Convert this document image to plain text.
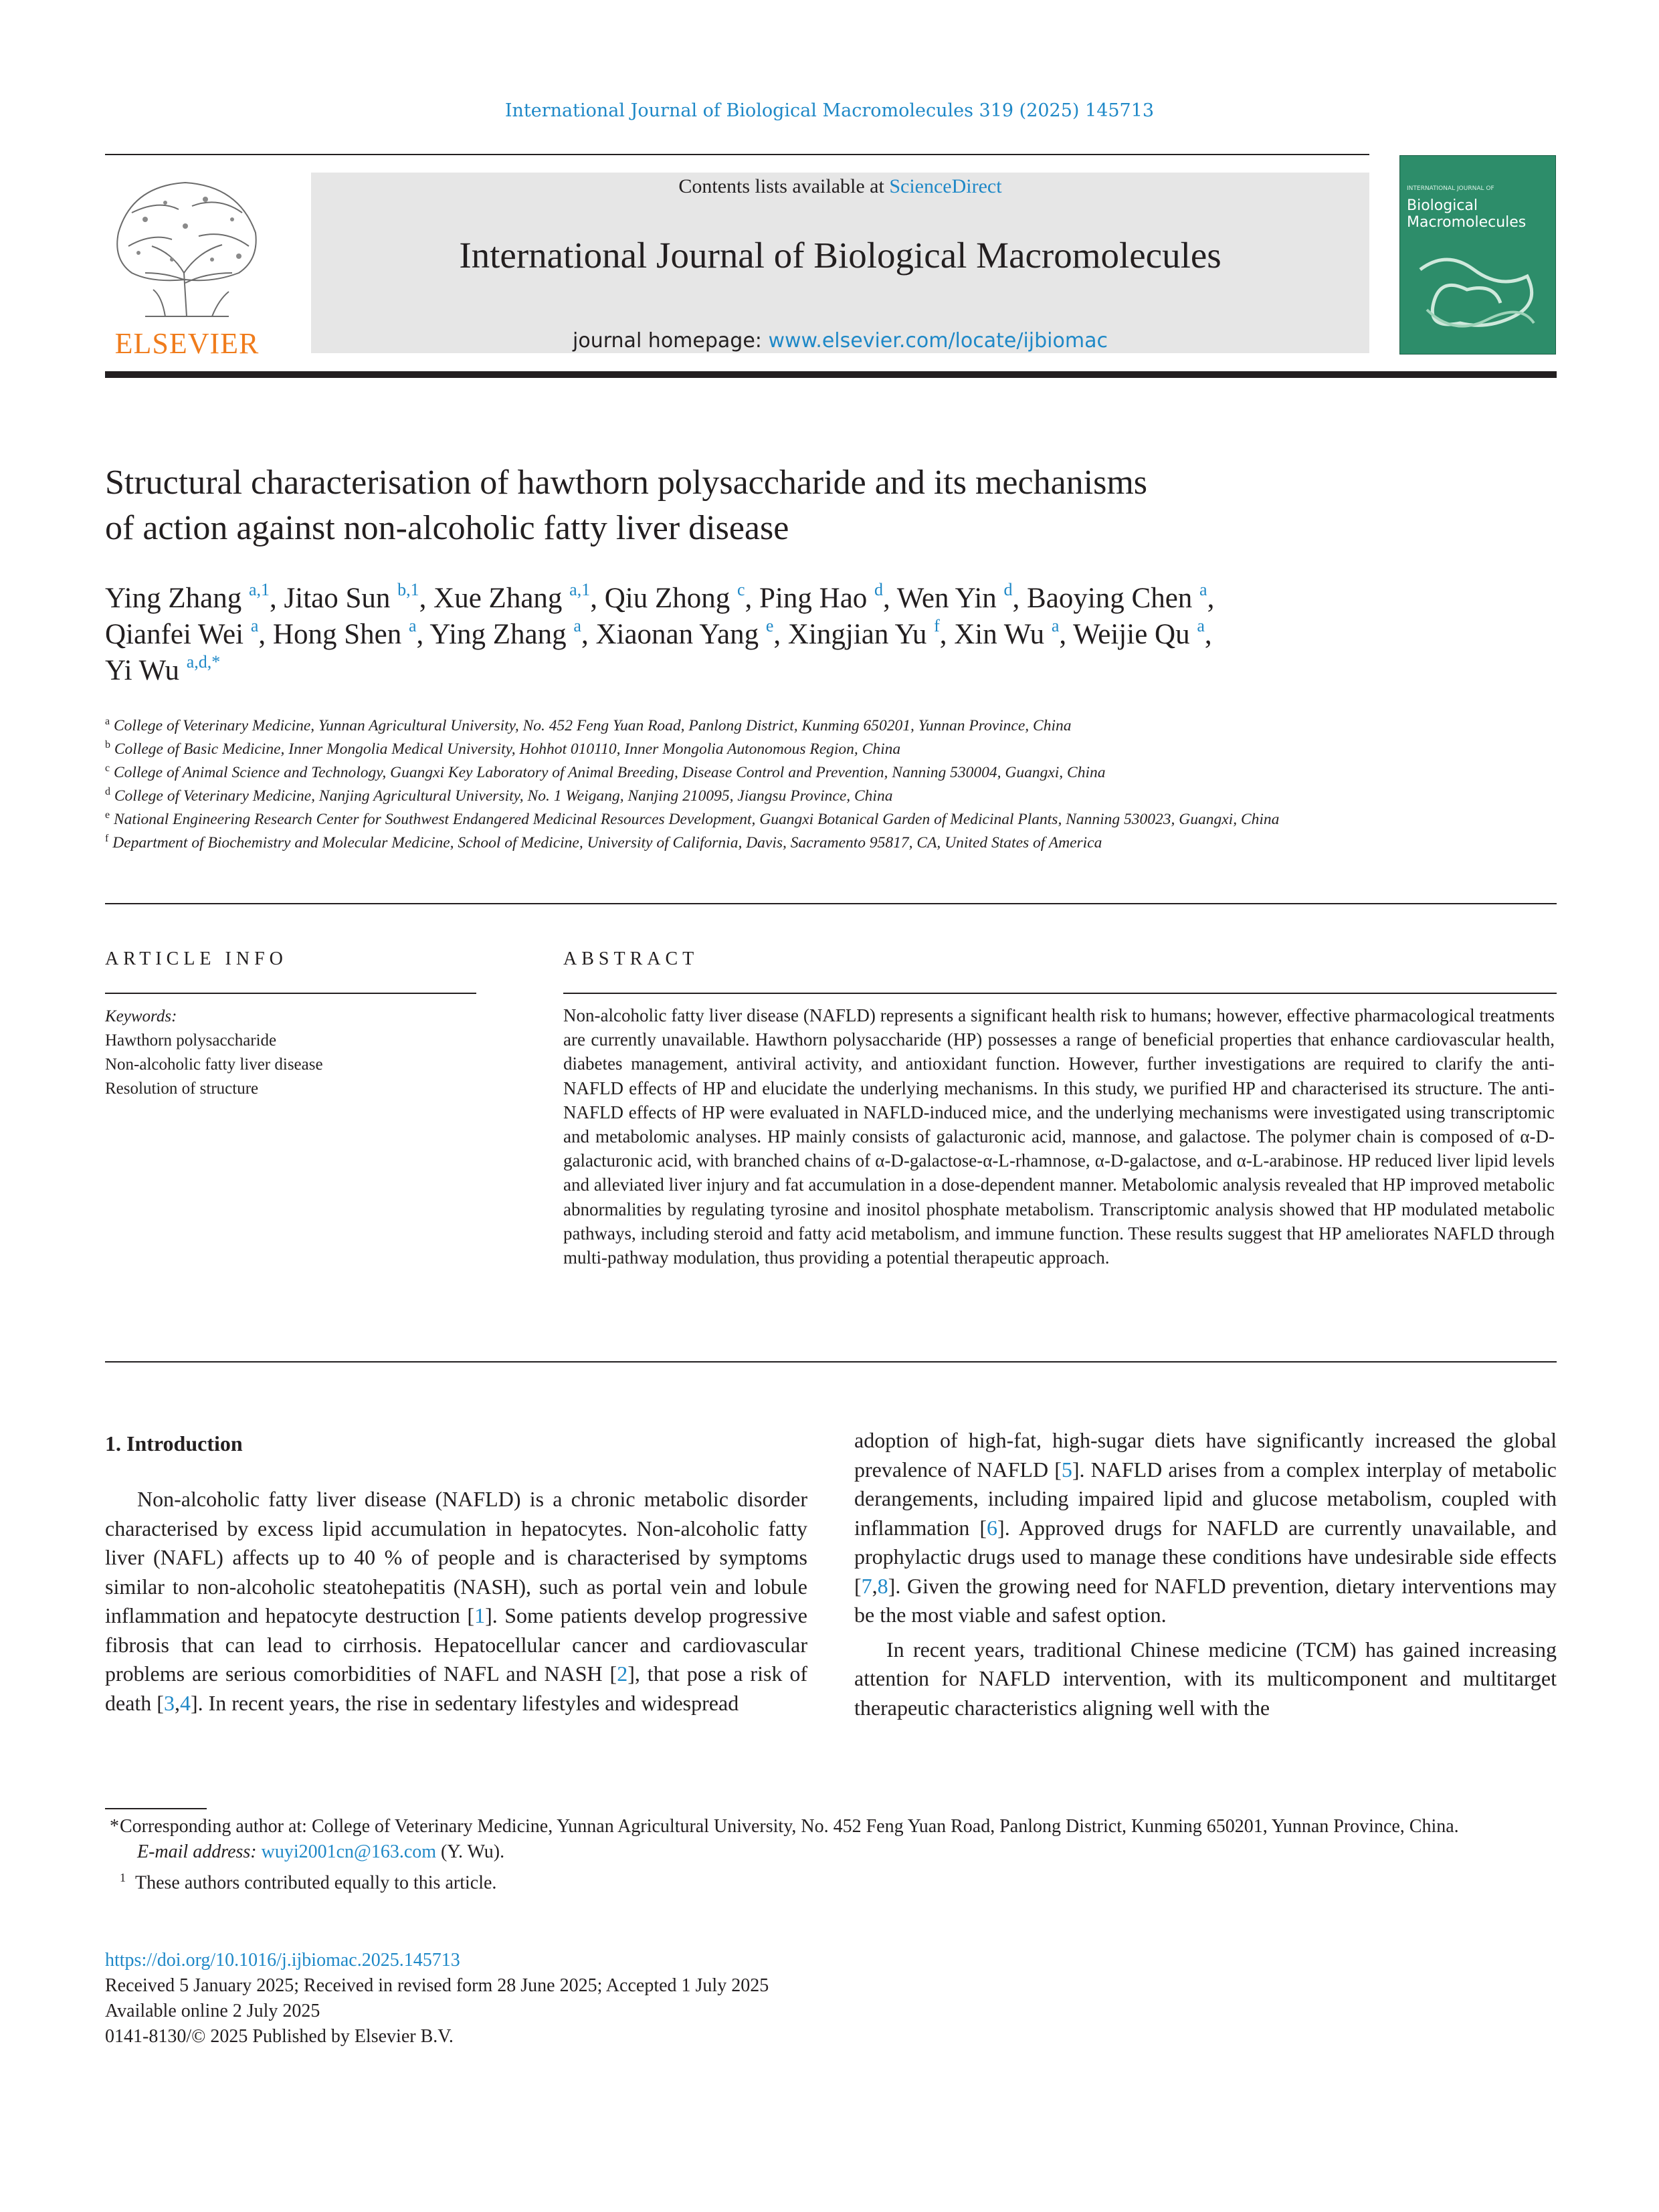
International Journal of Biological Macromolecules 319 (2025) 145713
ELSEVIER
Contents lists available at ScienceDirect
International Journal of Biological Macromolecules
journal homepage: www.elsevier.com/locate/ijbiomac
INTERNATIONAL JOURNAL OF
Biological Macromolecules
Structural characterisation of hawthorn polysaccharide and its mechanisms
of action against non-alcoholic fatty liver disease
Ying Zhang $^{a,1}$, Jitao Sun $^{b,1}$, Xue Zhang $^{a,1}$, Qiu Zhong $^c$, Ping Hao $^d$, Wen Yin $^d$, Baoying Chen $^a$,
Qianfei Wei $^a$, Hong Shen $^a$, Ying Zhang $^a$, Xiaonan Yang $^e$, Xingjian Yu $^f$, Xin Wu $^a$, Weijie Qu $^a$,
Yi Wu $^{a,d,*}$
$^a$ College of Veterinary Medicine, Yunnan Agricultural University, No. 452 Feng Yuan Road, Panlong District, Kunming 650201, Yunnan Province, China
$^b$ College of Basic Medicine, Inner Mongolia Medical University, Hohhot 010110, Inner Mongolia Autonomous Region, China
$^c$ College of Animal Science and Technology, Guangxi Key Laboratory of Animal Breeding, Disease Control and Prevention, Nanning 530004, Guangxi, China
$^d$ College of Veterinary Medicine, Nanjing Agricultural University, No. 1 Weigang, Nanjing 210095, Jiangsu Province, China
$^e$ National Engineering Research Center for Southwest Endangered Medicinal Resources Development, Guangxi Botanical Garden of Medicinal Plants, Nanning 530023, Guangxi, China
$^f$ Department of Biochemistry and Molecular Medicine, School of Medicine, University of California, Davis, Sacramento 95817, CA, United States of America
ARTICLE INFO
Keywords:
Hawthorn polysaccharide
Non-alcoholic fatty liver disease
Resolution of structure
ABSTRACT
Non-alcoholic fatty liver disease (NAFLD) represents a significant health risk to humans; however, effective pharmacological treatments are currently unavailable. Hawthorn polysaccharide (HP) possesses a range of beneficial properties that enhance cardiovascular health, diabetes management, antiviral activity, and antioxidant function. However, further investigations are required to clarify the anti-NAFLD effects of HP and elucidate the underlying mechanisms. In this study, we purified HP and characterised its structure. The anti-NAFLD effects of HP were evaluated in NAFLD-induced mice, and the underlying mechanisms were investigated using transcriptomic and metabolomic analyses. HP mainly consists of galacturonic acid, mannose, and galactose. The polymer chain is composed of α-D-galacturonic acid, with branched chains of α-D-galactose-α-L-rhamnose, α-D-galactose, and α-L-arabinose. HP reduced liver lipid levels and alleviated liver injury and fat accumulation in a dose-dependent manner. Metabolomic analysis revealed that HP improved metabolic abnormalities by regulating tyrosine and inositol phosphate metabolism. Transcriptomic analysis showed that HP modulated metabolic pathways, including steroid and fatty acid metabolism, and immune function. These results suggest that HP ameliorates NAFLD through multi-pathway modulation, thus providing a potential therapeutic approach.
1. Introduction

Non-alcoholic fatty liver disease (NAFLD) is a chronic metabolic disorder characterised by excess lipid accumulation in hepatocytes. Non-alcoholic fatty liver (NAFL) affects up to 40 % of people and is characterised by symptoms similar to non-alcoholic steatohepatitis (NASH), such as portal vein and lobule inflammation and hepatocyte destruction [1]. Some patients develop progressive fibrosis that can lead to cirrhosis. Hepatocellular cancer and cardiovascular problems are serious comorbidities of NAFL and NASH [2], that pose a risk of death [3,4]. In recent years, the rise in sedentary lifestyles and widespread

adoption of high-fat, high-sugar diets have significantly increased the global prevalence of NAFLD [5]. NAFLD arises from a complex interplay of metabolic derangements, including impaired lipid and glucose metabolism, coupled with inflammation [6]. Approved drugs for NAFLD are currently unavailable, and prophylactic drugs used to manage these conditions have undesirable side effects [7,8]. Given the growing need for NAFLD prevention, dietary interventions may be the most viable and safest option.

In recent years, traditional Chinese medicine (TCM) has gained increasing attention for NAFLD intervention, with its multicomponent and multitarget therapeutic characteristics aligning well with the

*Corresponding author at: College of Veterinary Medicine, Yunnan Agricultural University, No. 452 Feng Yuan Road, Panlong District, Kunming 650201, Yunnan Province, China.
E-mail address: wuyi2001cn@163.com (Y. Wu).
$^1$ These authors contributed equally to this article.
https://doi.org/10.1016/j.ijbiomac.2025.145713
Received 5 January 2025; Received in revised form 28 June 2025; Accepted 1 July 2025
Available online 2 July 2025
0141-8130/© 2025 Published by Elsevier B.V.
